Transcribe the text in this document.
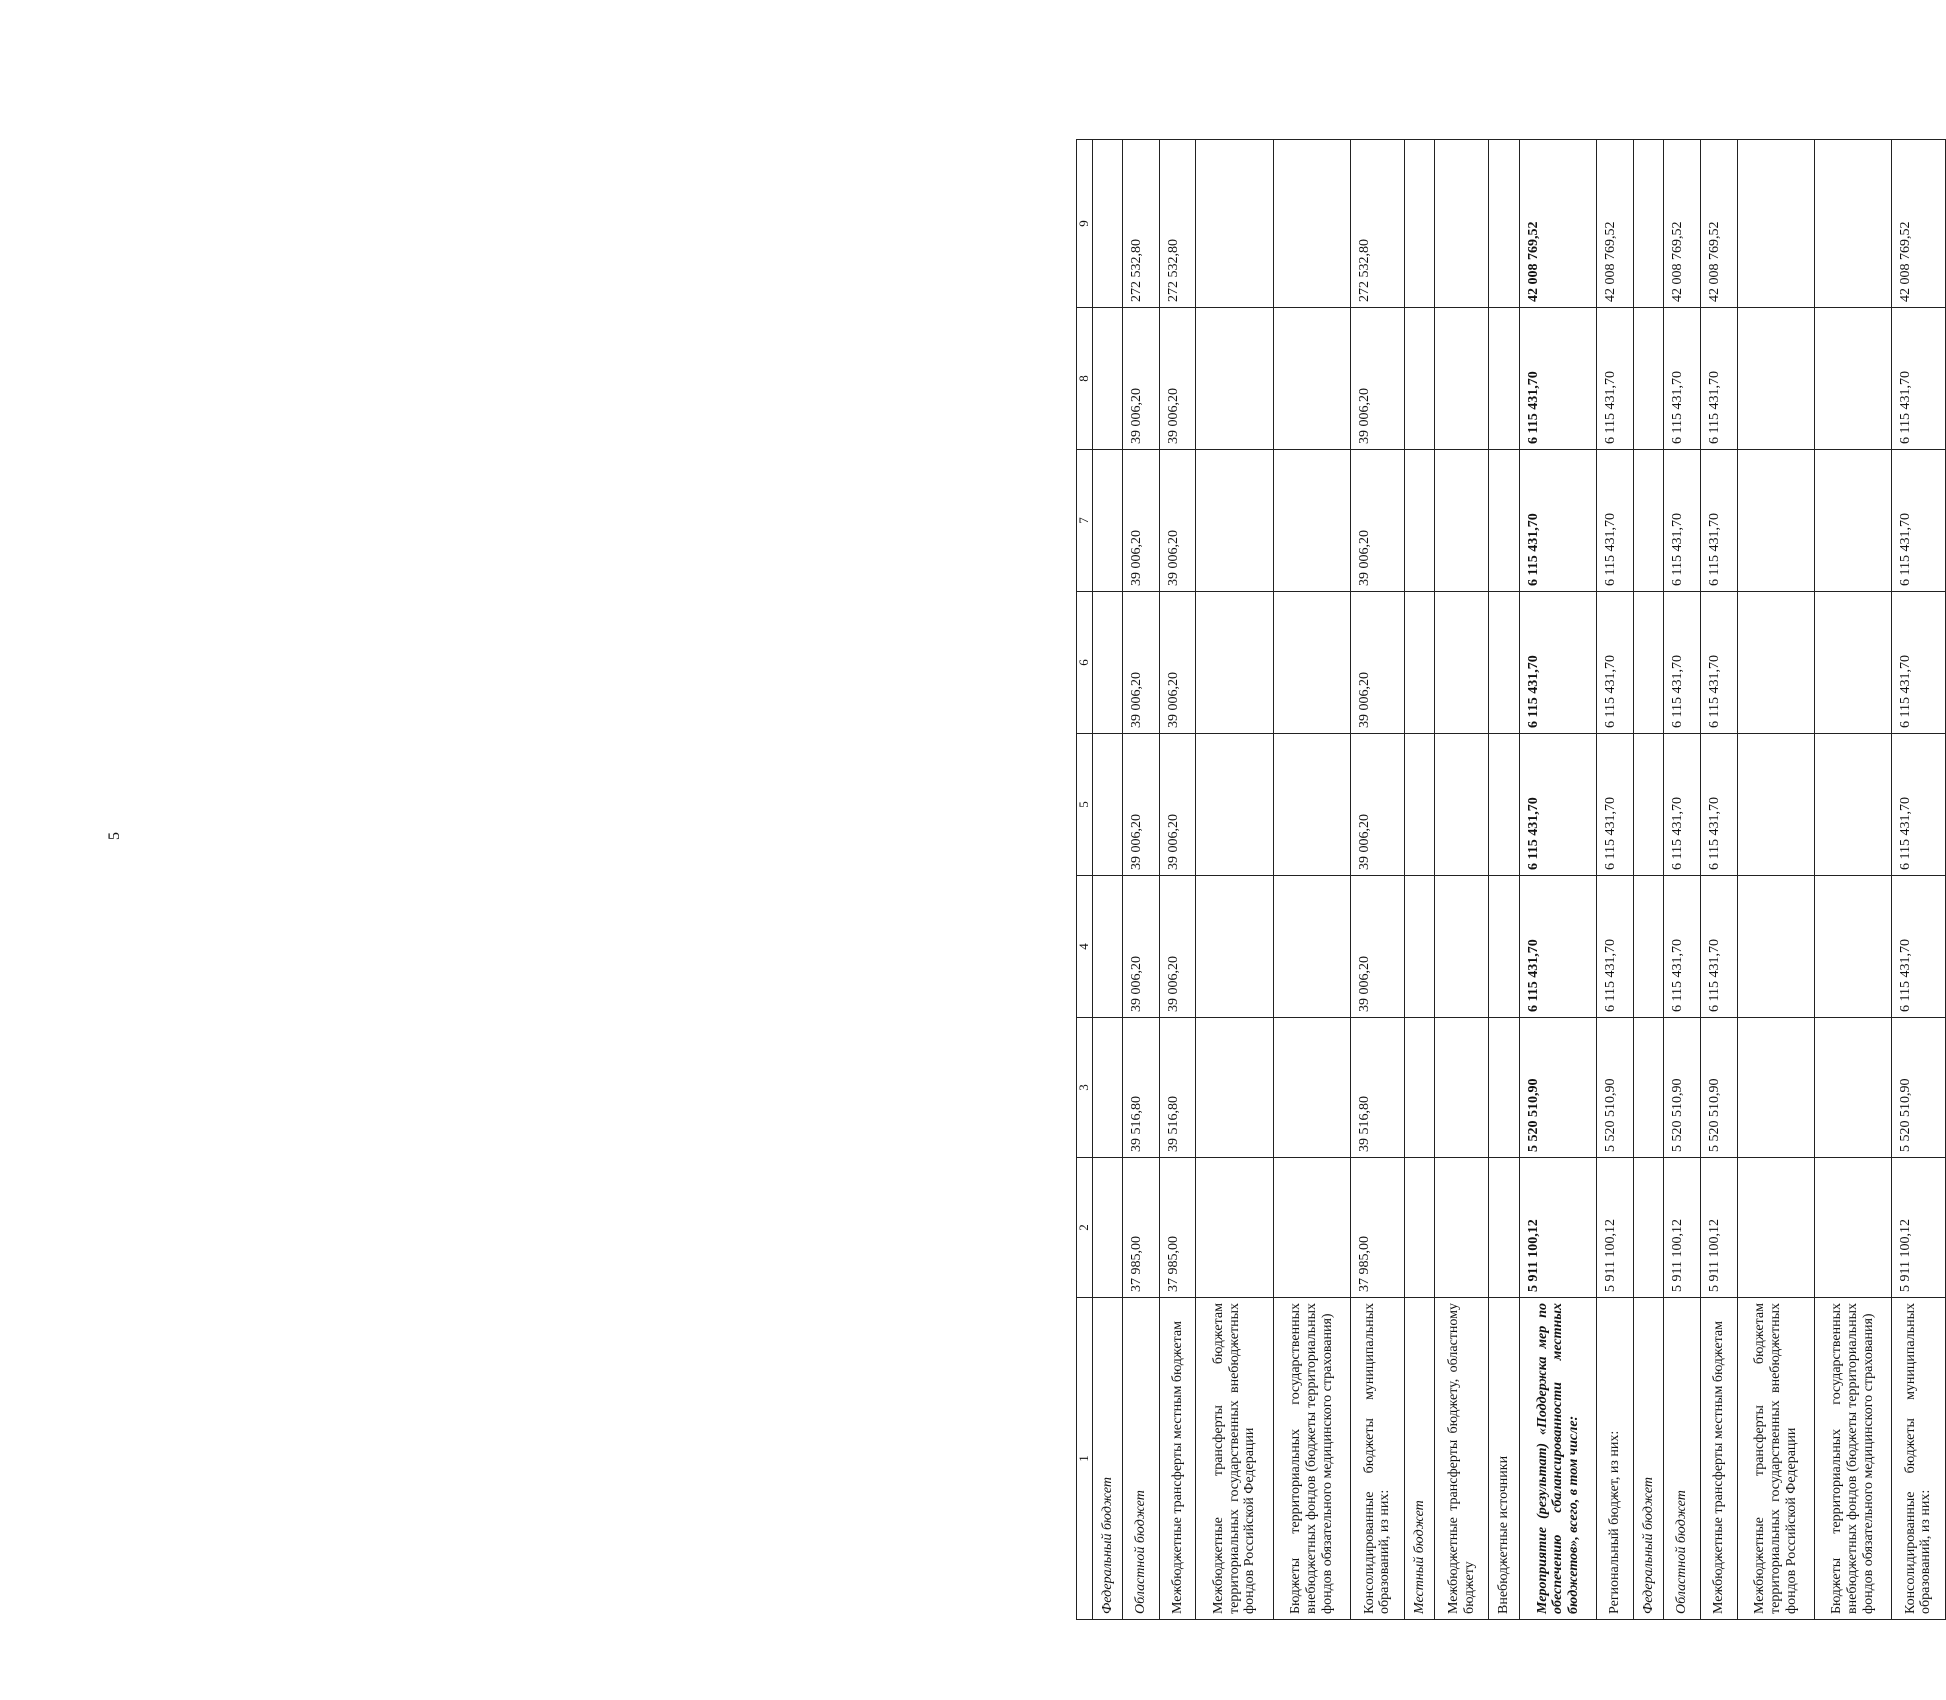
5
1	2	3	4	5	6	7	8	9
Федеральный бюджет								
Областной бюджет	37 985,00	39 516,80	39 006,20	39 006,20	39 006,20	39 006,20	39 006,20	272 532,80
Межбюджетные трансферты местным бюджетам	37 985,00	39 516,80	39 006,20	39 006,20	39 006,20	39 006,20	39 006,20	272 532,80
Межбюджетные трансферты бюджетам территориальных государственных внебюджетных фондов Российской Федерации								
Бюджеты территориальных государственных внебюджетных фондов (бюджеты территориальных фондов обязательного медицинского страхования)								
Консолидированные бюджеты муниципальных образований, из них:	37 985,00	39 516,80	39 006,20	39 006,20	39 006,20	39 006,20	39 006,20	272 532,80
Местный бюджет								
Межбюджетные трансферты бюджету, областному бюджету								
Внебюджетные источники								
Мероприятие (результат) «Поддержка мер по обеспечению сбалансированности местных бюджетов», всего, в том числе:	5 911 100,12	5 520 510,90	6 115 431,70	6 115 431,70	6 115 431,70	6 115 431,70	6 115 431,70	42 008 769,52
Региональный бюджет, из них:	5 911 100,12	5 520 510,90	6 115 431,70	6 115 431,70	6 115 431,70	6 115 431,70	6 115 431,70	42 008 769,52
Федеральный бюджет								
Областной бюджет	5 911 100,12	5 520 510,90	6 115 431,70	6 115 431,70	6 115 431,70	6 115 431,70	6 115 431,70	42 008 769,52
Межбюджетные трансферты местным бюджетам	5 911 100,12	5 520 510,90	6 115 431,70	6 115 431,70	6 115 431,70	6 115 431,70	6 115 431,70	42 008 769,52
Межбюджетные трансферты бюджетам территориальных государственных внебюджетных фондов Российской Федерации								
Бюджеты территориальных государственных внебюджетных фондов (бюджеты территориальных фондов обязательного медицинского страхования)								
Консолидированные бюджеты муниципальных образований, из них:	5 911 100,12	5 520 510,90	6 115 431,70	6 115 431,70	6 115 431,70	6 115 431,70	6 115 431,70	42 008 769,52
